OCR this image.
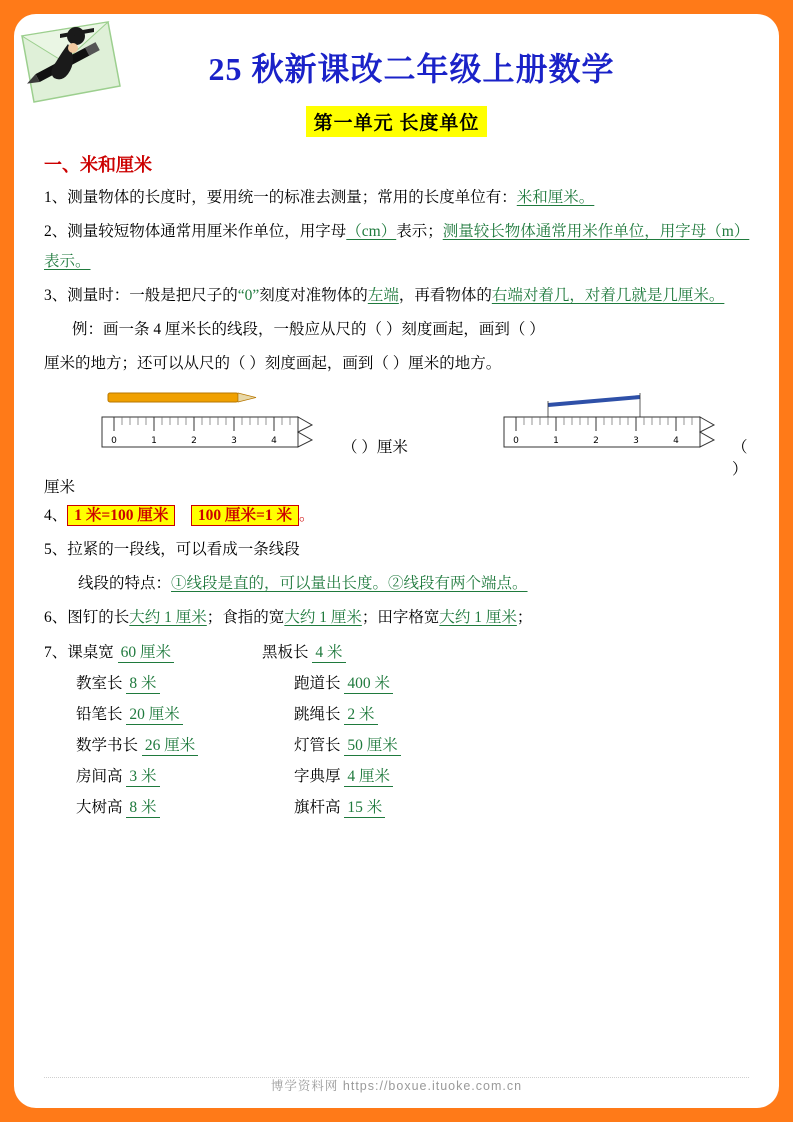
25 秋新课改二年级上册数学
第一单元 长度单位
一、米和厘米
1、测量物体的长度时，要用统一的标准去测量；常用的长度单位有：米和厘米。
2、测量较短物体通常用厘米作单位，用字母（cm）表示；测量较长物体通常用米作单位，用字母（m）表示。
3、测量时：一般是把尺子的“0”刻度对准物体的左端，再看物体的右端对着几，对着几就是几厘米。
例：画一条 4 厘米长的线段，一般应从尺的（ ）刻度画起，画到（ ）
厘米的地方；还可以从尺的（ ）刻度画起，画到（ ）厘米的地方。
0	1	2	3	4	0	1	2	3	4
（ ）厘米	（ ）
厘米
4、 1 米=100 厘米 100 厘米=1 米 。
5、拉紧的一段线，可以看成一条线段
线段的特点：①线段是直的，可以量出长度。②线段有两个端点。
6、图钉的长大约 1 厘米；食指的宽大约 1 厘米；田字格宽大约 1 厘米；
7、课桌宽 60 厘米	黑板长 4 米
教室长 8 米	跑道长 400 米
铅笔长 20 厘米	跳绳长 2 米
数学书长 26 厘米	灯管长 50 厘米
房间高 3 米	字典厚 4 厘米
大树高 8 米	旗杆高 15 米
博学资料网 https://boxue.ituoke.com.cn
